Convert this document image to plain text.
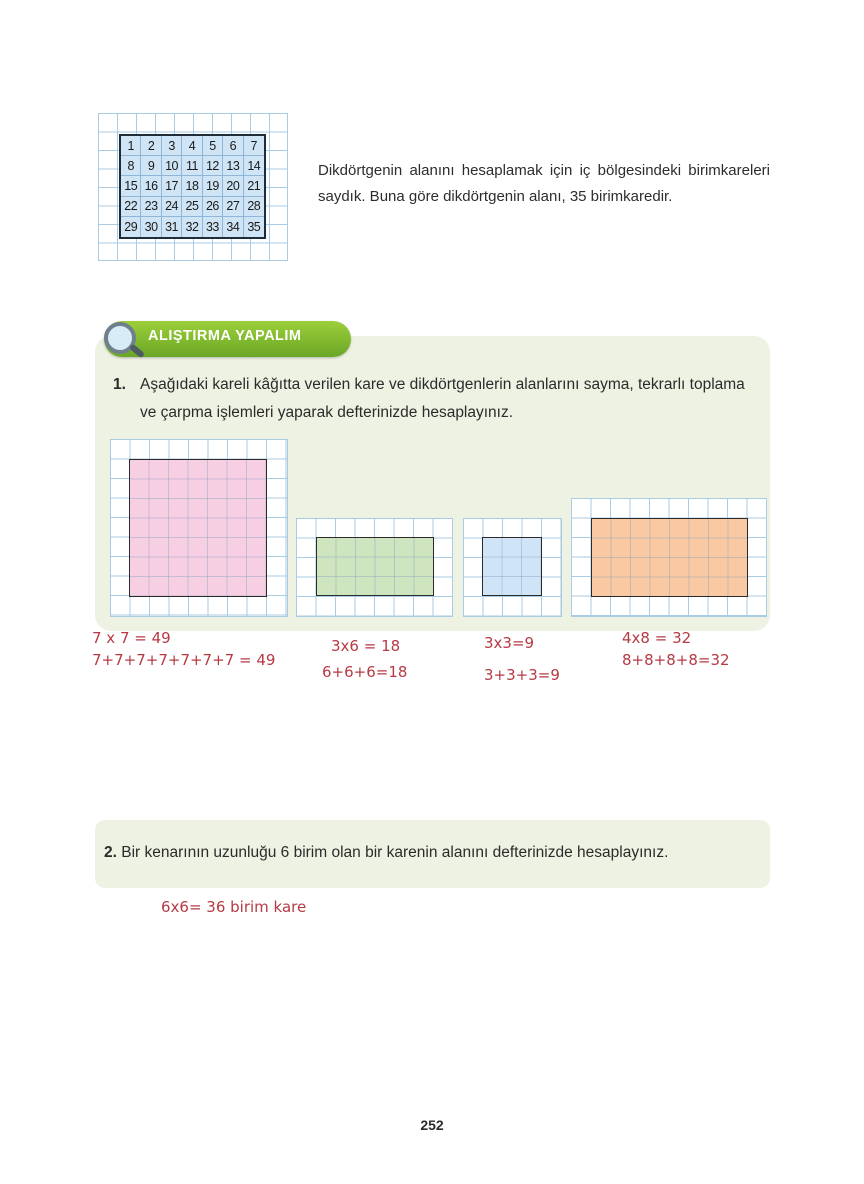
1	2	3	4	5	6	7
8	9 10 11 12 13 14
15 16 17 18 19 20 21
22 23 24 25 26 27 28
29 30 31 32 33 34 35
Dikdörtgenin alanını hesaplamak için iç bölgesindeki birimkareleri saydık. Buna göre dikdörtgenin alanı, 35 birimkaredir.
ALIŞTIRMA YAPALIM
1. Aşağıdaki kareli kâğıtta verilen kare ve dikdörtgenlerin alanlarını sayma, tekrarlı toplama ve çarpma işlemleri yaparak defterinizde hesaplayınız.
7 x 7 = 49
7+7+7+7+7+7+7 = 49
3x6 = 18
6+6+6=18
3x3=9
3+3+3=9
4x8 = 32
8+8+8+8=32
2. Bir kenarının uzunluğu 6 birim olan bir karenin alanını defterinizde hesaplayınız.
6x6= 36 birim kare
252
